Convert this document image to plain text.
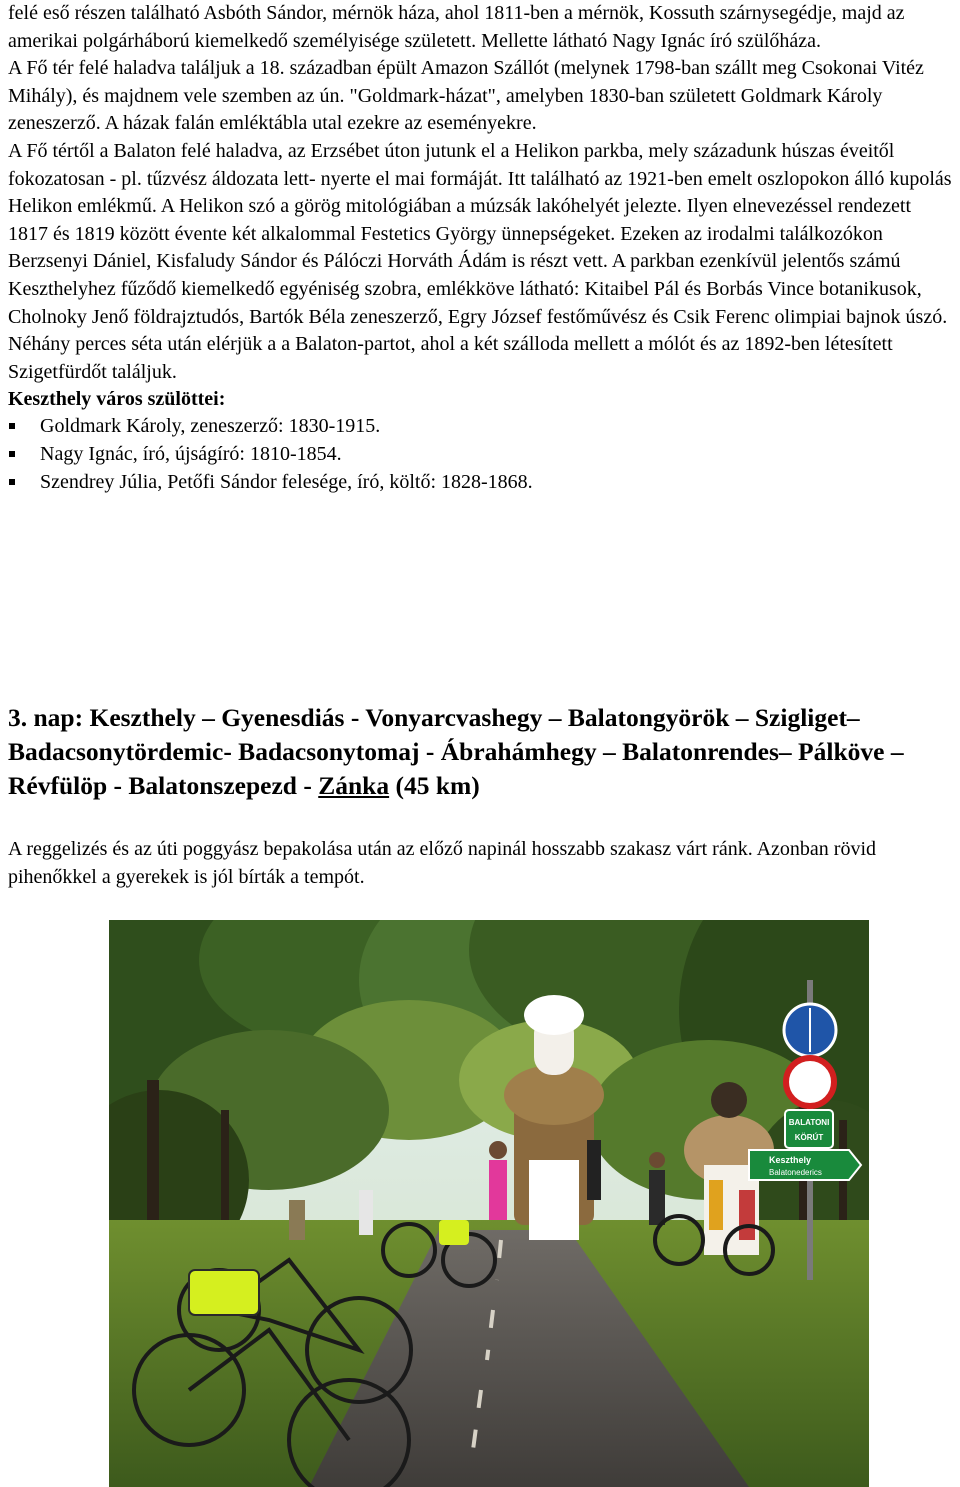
felé eső részen található Asbóth Sándor, mérnök háza, ahol 1811-ben a mérnök, Kossuth szárnysegédje, majd az amerikai polgárháború kiemelkedő személyisége született. Mellette látható Nagy Ignác író szülőháza.

A Fő tér felé haladva találjuk a 18. században épült Amazon Szállót (melynek 1798-ban szállt meg Csokonai Vitéz Mihály), és majdnem vele szemben az ún. "Goldmark-házat", amelyben 1830-ban született Goldmark Károly zeneszerző. A házak falán emléktábla utal ezekre az eseményekre.

A Fő tértől a Balaton felé haladva, az Erzsébet úton jutunk el a Helikon parkba, mely századunk húszas éveitől fokozatosan - pl. tűzvész áldozata lett- nyerte el mai formáját. Itt található az 1921-ben emelt oszlopokon álló kupolás Helikon emlékmű. A Helikon szó a görög mitológiában a múzsák lakóhelyét jelezte. Ilyen elnevezéssel rendezett 1817 és 1819 között évente két alkalommal Festetics György ünnepségeket. Ezeken az irodalmi találkozókon Berzsenyi Dániel, Kisfaludy Sándor és Pálóczi Horváth Ádám is részt vett. A parkban ezenkívül jelentős számú Keszthelyhez fűződő kiemelkedő egyéniség szobra, emlékköve látható: Kitaibel Pál és Borbás Vince botanikusok, Cholnoky Jenő földrajztudós, Bartók Béla zeneszerző, Egry József festőművész és Csik Ferenc olimpiai bajnok úszó. Néhány perces séta után elérjük a a Balaton-partot, ahol a két szálloda mellett a mólót és az 1892-ben létesített Szigetfürdőt találjuk.

Keszthely város szülöttei:

Goldmark Károly, zeneszerző: 1830-1915.
Nagy Ignác, író, újságíró: 1810-1854.
Szendrey Júlia, Petőfi Sándor felesége, író, költő: 1828-1868.
3. nap: Keszthely – Gyenesdiás - Vonyarcvashegy – Balatongyörök – Szigliget– Badacsonytördemic- Badacsonytomaj - Ábrahámhegy – Balatonrendes– Pálköve – Révfülöp - Balatonszepezd - Zánka (45 km)

A reggelizés és az úti poggyász bepakolása után az előző napinál hosszabb szakasz várt ránk. Azonban rövid pihenőkkel a gyerekek is jól bírták a tempót.

BALATONI
KÖRÚT
Keszthely
Balatonederics
